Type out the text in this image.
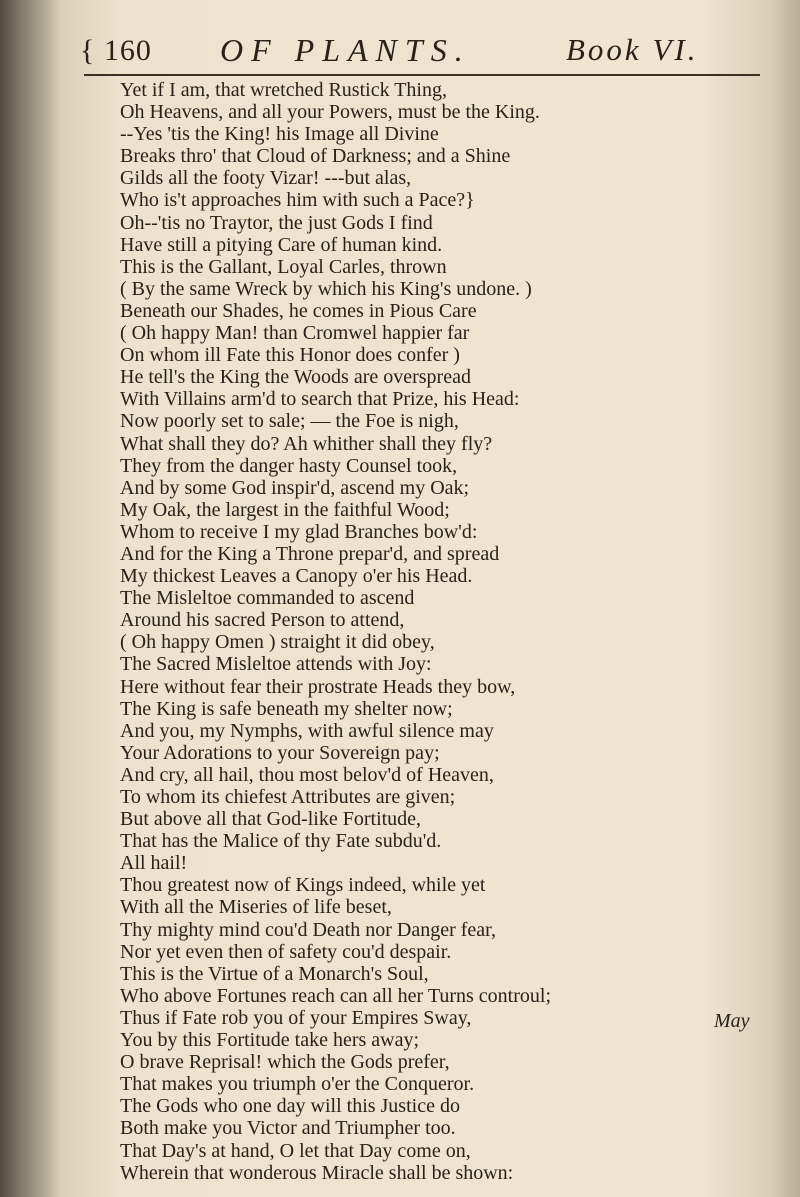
{ 160 OF PLANTS.	Book VI.
Yet if I am, that wretched Rustick Thing,
Oh Heavens, and all your Powers, must be the King.
--Yes 'tis the King! his Image all Divine
Breaks thro' that Cloud of Darkness; and a Shine
Gilds all the footy Vizar! ---but alas,
Who is't approaches him with such a Pace?}
Oh--'tis no Traytor, the just Gods I find
Have still a pitying Care of human kind.
This is the Gallant, Loyal Carles, thrown
( By the same Wreck by which his King's undone. )
Beneath our Shades, he comes in Pious Care
( Oh happy Man! than Cromwel happier far
On whom ill Fate this Honor does confer )
He tell's the King the Woods are overspread
With Villains arm'd to search that Prize, his Head:
Now poorly set to sale; — the Foe is nigh,
What shall they do? Ah whither shall they fly?
They from the danger hasty Counsel took,
And by some God inspir'd, ascend my Oak;
My Oak, the largest in the faithful Wood;
Whom to receive I my glad Branches bow'd:
And for the King a Throne prepar'd, and spread
My thickest Leaves a Canopy o'er his Head.
The Misleltoe commanded to ascend
Around his sacred Person to attend,
( Oh happy Omen ) straight it did obey,
The Sacred Misleltoe attends with Joy:
Here without fear their prostrate Heads they bow,
The King is safe beneath my shelter now;
And you, my Nymphs, with awful silence may
Your Adorations to your Sovereign pay;
And cry, all hail, thou most belov'd of Heaven,
To whom its chiefest Attributes are given;
But above all that God-like Fortitude,
That has the Malice of thy Fate subdu'd.
All hail!
Thou greatest now of Kings indeed, while yet
With all the Miseries of life beset,
Thy mighty mind cou'd Death nor Danger fear,
Nor yet even then of safety cou'd despair.
This is the Virtue of a Monarch's Soul,
Who above Fortunes reach can all her Turns controul;
Thus if Fate rob you of your Empires Sway,
You by this Fortitude take hers away;
O brave Reprisal! which the Gods prefer,
That makes you triumph o'er the Conqueror.
The Gods who one day will this Justice do
Both make you Victor and Triumpher too.
That Day's at hand, O let that Day come on,
Wherein that wonderous Miracle shall be shown:
May
